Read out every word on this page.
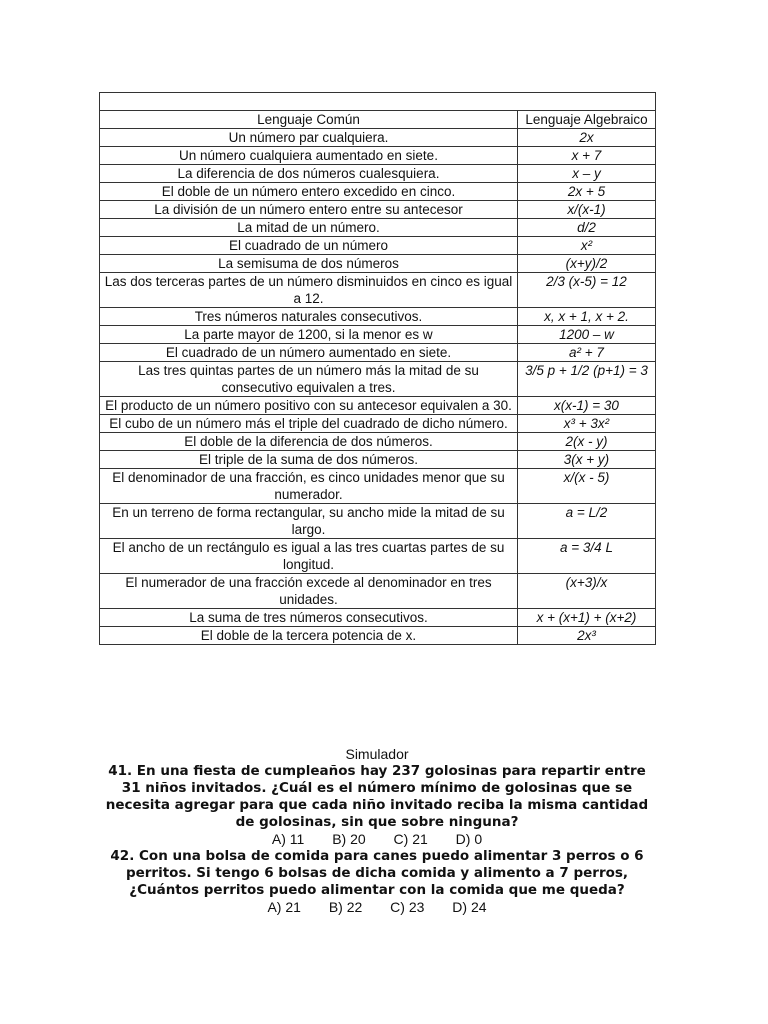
Lenguaje Común	Lenguaje Algebraico
Un número par cualquiera.	2x
Un número cualquiera aumentado en siete.	x + 7
La diferencia de dos números cualesquiera.	x – y
El doble de un número entero excedido en cinco.	2x + 5
La división de un número entero entre su antecesor	x/(x-1)
La mitad de un número.	d/2
El cuadrado de un número	x²
La semisuma de dos números	(x+y)/2
Las dos terceras partes de un número disminuidos en cinco es igual a 12.	2/3 (x-5) = 12
Tres números naturales consecutivos.	x, x + 1, x + 2.
La parte mayor de 1200, si la menor es w	1200 – w
El cuadrado de un número aumentado en siete.	a² + 7
Las tres quintas partes de un número más la mitad de su consecutivo equivalen a tres.	3/5 p + 1/2 (p+1) = 3
El producto de un número positivo con su antecesor equivalen a 30.	x(x-1) = 30
El cubo de un número más el triple del cuadrado de dicho número.	x³ + 3x²
El doble de la diferencia de dos números.	2(x - y)
El triple de la suma de dos números.	3(x + y)
El denominador de una fracción, es cinco unidades menor que su numerador.	x/(x - 5)
En un terreno de forma rectangular, su ancho mide la mitad de su largo.	a = L/2
El ancho de un rectángulo es igual a las tres cuartas partes de su longitud.	a = 3/4 L
El numerador de una fracción excede al denominador en tres unidades.	(x+3)/x
La suma de tres números consecutivos.	x + (x+1) + (x+2)
El doble de la tercera potencia de x.	2x³
Simulador
41. En una fiesta de cumpleaños hay 237 golosinas para repartir entre 31 niños invitados. ¿Cuál es el número mínimo de golosinas que se necesita agregar para que cada niño invitado reciba la misma cantidad de golosinas, sin que sobre ninguna?
A) 11 B) 20 C) 21 D) 0
42. Con una bolsa de comida para canes puedo alimentar 3 perros o 6 perritos. Si tengo 6 bolsas de dicha comida y alimento a 7 perros, ¿Cuántos perritos puedo alimentar con la comida que me queda?
A) 21 B) 22 C) 23 D) 24
